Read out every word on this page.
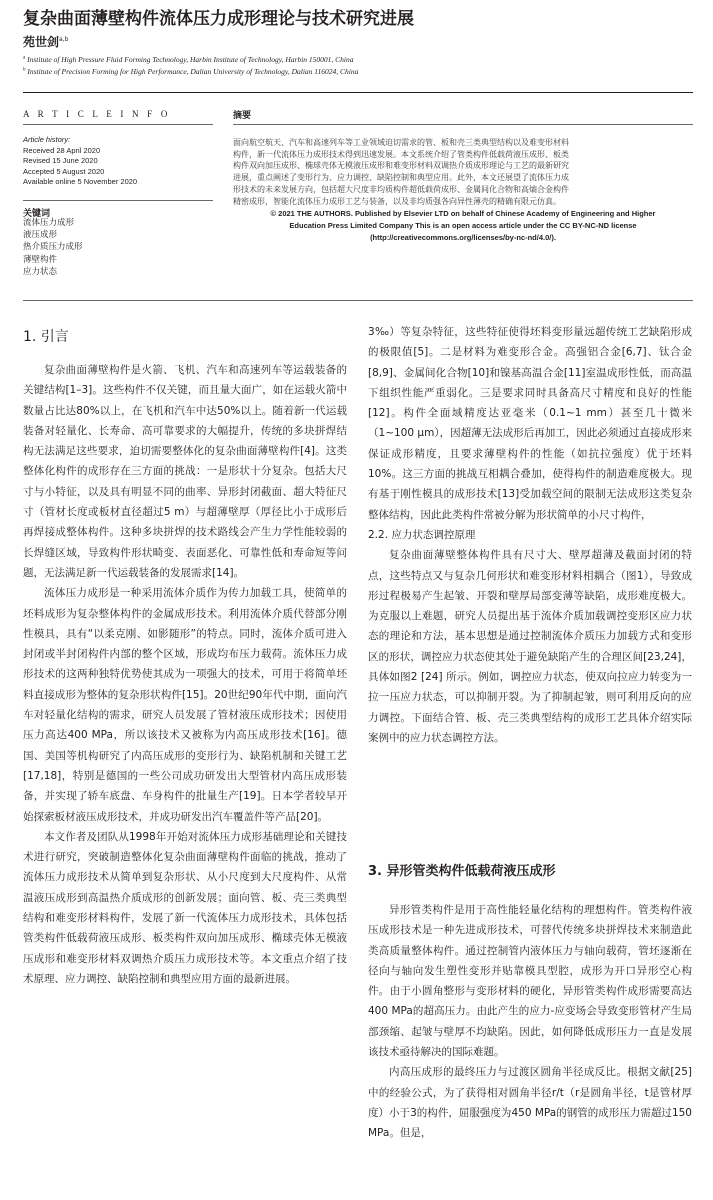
复杂曲面薄壁构件流体压力成形理论与技术研究进展
苑世剑$^{a,b}$
$^a$ Institute of High Pressure Fluid Forming Technology, Harbin Institute of Technology, Harbin 150001, China
$^b$ Institute of Precision Forming for High Performance, Dalian University of Technology, Dalian 116024, China
A R T I C L E I N F O	摘要
Article history:
Received 28 April 2020
Revised 15 June 2020
Accepted 5 August 2020
Available online 5 November 2020
关键词
流体压力成形
液压成形
热介质压力成形
薄壁构件
应力状态

面向航空航天、汽车和高速列车等工业领域迫切需求的管、板和壳三类典型结构以及难变形材料

构件，新一代流体压力成形技术得到迅速发展。本文系统介绍了管类构件低载荷液压成形、板类

构件双向加压成形、椭球壳体无模液压成形和难变形材料双调热介质成形理论与工艺的最新研究

进展，重点阐述了变形行为、应力调控、缺陷控制和典型应用。此外，本文还展望了流体压力成

形技术的未来发展方向，包括超大尺度非均质构件超低载荷成形、金属间化合物和高熵合金构件

精密成形，智能化流体压力成形工艺与装备，以及非均质强各向异性薄壳的精确有限元仿真。

© 2021 THE AUTHORS. Published by Elsevier LTD on behalf of Chinese Academy of Engineering and Higher
Education Press Limited Company This is an open access article under the CC BY-NC-ND license
(http://creativecommons.org/licenses/by-nc-nd/4.0/).
1. 引言

复杂曲面薄壁构件是火箭、飞机、汽车和高速列车等运载装备的关键结构[1–3]。这些构件不仅关键，而且量大面广，如在运载火箭中数量占比达80%以上，在飞机和汽车中达50%以上。随着新一代运载装备对轻量化、长寿命、高可靠要求的大幅提升，传统的多块拼焊结构无法满足这些要求，迫切需要整体化的复杂曲面薄壁构件[4]。这类整体化构件的成形存在三方面的挑战：一是形状十分复杂。包括大尺寸与小特征，以及具有明显不同的曲率、异形封闭截面、超大特征尺寸（管材长度或板材直径超过5 m）与超薄壁厚（厚径比小于成形后再焊接成整体构件。这种多块拼焊的技术路线会产生力学性能较弱的长焊缝区域，导致构件形状畸变、表面恶化、可靠性低和寿命短等问题，无法满足新一代运载装备的发展需求[14]。

流体压力成形是一种采用流体介质作为传力加载工具，使简单的坯料成形为复杂整体构件的金属成形技术。利用流体介质代替部分刚性模具，具有“以柔克刚、如影随形”的特点。同时，流体介质可进入封闭或半封闭构件内部的整个区域，形成均布压力载荷。流体压力成形技术的这两种独特优势使其成为一项强大的技术，可用于将简单坯料直接成形为整体的复杂形状构件[15]。20世纪90年代中期，面向汽车对轻量化结构的需求，研究人员发展了管材液压成形技术；因使用压力高达400 MPa，所以该技术又被称为内高压成形技术[16]。德国、美国等机构研究了内高压成形的变形行为、缺陷机制和关键工艺[17,18]，特别是德国的一些公司成功研发出大型管材内高压成形装备，并实现了轿车底盘、车身构件的批量生产[19]。日本学者较早开始探索板材液压成形技术，并成功研发出汽车覆盖件等产品[20]。

本文作者及团队从1998年开始对流体压力成形基础理论和关键技术进行研究，突破制造整体化复杂曲面薄壁构件面临的挑战，推动了流体压力成形技术从简单到复杂形状、从小尺度到大尺度构件、从常温液压成形到高温热介质成形的创新发展；面向管、板、壳三类典型结构和难变形材料构件，发展了新一代流体压力成形技术，具体包括管类构件低载荷液压成形、板类构件双向加压成形、椭球壳体无模液压成形和难变形材料双调热介质压力成形技术等。本文重点介绍了技术原理、应力调控、缺陷控制和典型应用方面的最新进展。

3‰）等复杂特征，这些特征使得坯料变形量远超传统工艺缺陷形成的极限值[5]。二是材料为难变形合金。高强铝合金[6,7]、钛合金[8,9]、金属间化合物[10]和镍基高温合金[11]室温成形性低，而高温下组织性能严重弱化。三是要求同时具备高尺寸精度和良好的性能[12]。构件全面域精度达亚毫米（0.1~1 mm）甚至几十微米（1~100 μm），因超薄无法成形后再加工，因此必须通过直接成形来保证成形精度，且要求薄壁构件的性能（如抗拉强度）优于坯料10%。这三方面的挑战互相耦合叠加，使得构件的制造难度极大。现有基于刚性模具的成形技术[13]受加载空间的限制无法成形这类复杂整体结构，因此此类构件常被分解为形状简单的小尺寸构件，

2.2. 应力状态调控原理

复杂曲面薄壁整体构件具有尺寸大、壁厚超薄及截面封闭的特点，这些特点又与复杂几何形状和难变形材料相耦合（图1），导致成形过程极易产生起皱、开裂和壁厚局部变薄等缺陷，成形难度极大。为克服以上难题，研究人员提出基于流体介质加载调控变形区应力状态的理论和方法，基本思想是通过控制流体介质压力加载方式和变形区的形状，调控应力状态使其处于避免缺陷产生的合理区间[23,24]，具体如图2 [24] 所示。例如，调控应力状态，使双向拉应力转变为一拉一压应力状态，可以抑制开裂。为了抑制起皱，则可利用反向的应力调控。下面结合管、板、壳三类典型结构的成形工艺具体介绍实际案例中的应力状态调控方法。

3. 异形管类构件低载荷液压成形

异形管类构件是用于高性能轻量化结构的理想构件。管类构件液压成形技术是一种先进成形技术，可替代传统多块拼焊技术来制造此类高质量整体构件。通过控制管内液体压力与轴向载荷，管坯逐渐在径向与轴向发生塑性变形并贴靠模具型腔，成形为开口异形空心构件。由于小圆角整形与变形材料的硬化，异形管类构件成形需要高达400 MPa的超高压力。由此产生的应力-应变场会导致变形管材产生局部颈缩、起皱与壁厚不均缺陷。因此，如何降低成形压力一直是发展该技术亟待解决的国际难题。

内高压成形的最终压力与过渡区圆角半径成反比。根据文献[25]中的经验公式，为了获得相对圆角半径r/t（r是圆角半径，t是管材厚度）小于3的构件，屈服强度为450 MPa的钢管的成形压力需超过150 MPa。但是，
